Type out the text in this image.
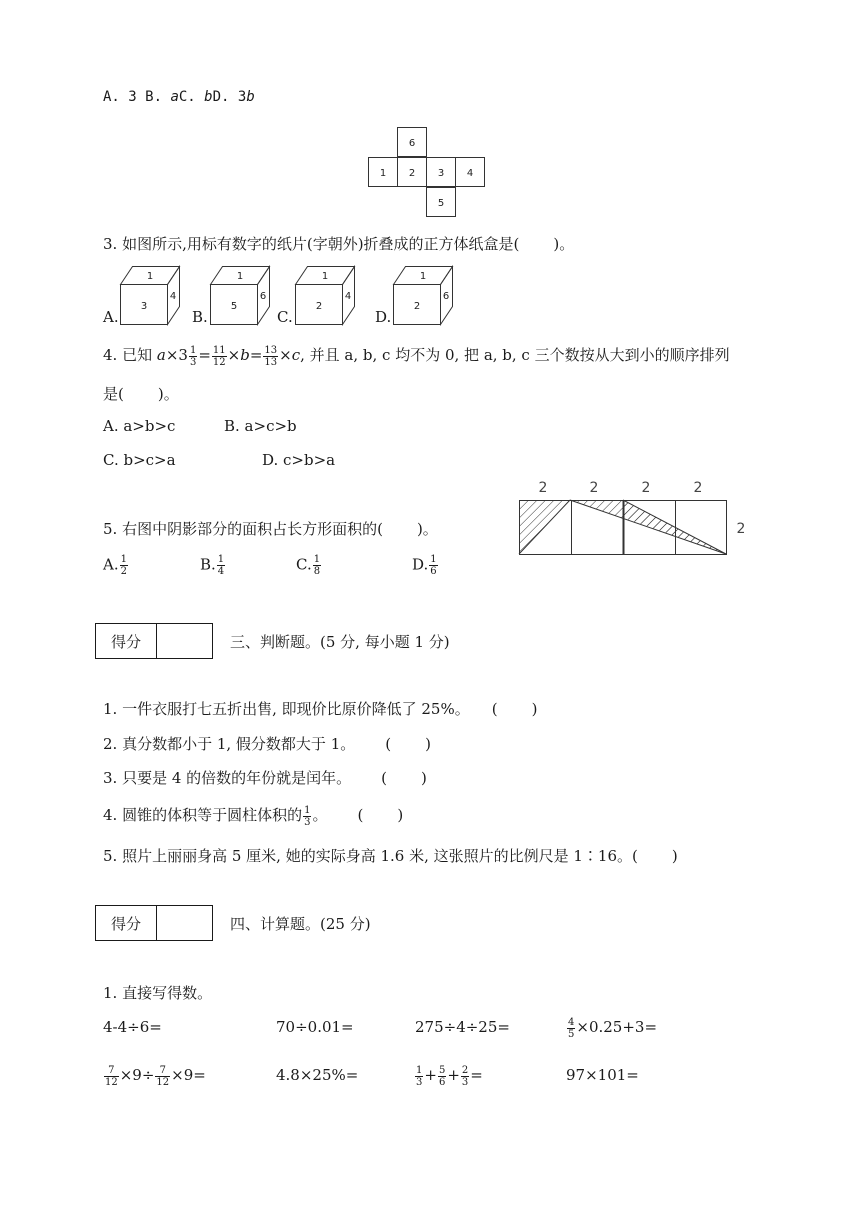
A. 3 B. aC. bD. 3b
6
1 2 3 4
5
3. 如图所示,用标有数字的纸片(字朝外)折叠成的正方体纸盒是( )。
A.	B.	C.	D.
1
3
4
1
5
6
1
2
4
1
2
6
4. 已知 $a\times 3 \frac{1}{3} = \frac{11}{12} \times b= \frac{13}{13} \times c$, 并且 a, b, c 均不为 0, 把 a, b, c 三个数按从大到小的顺序排列
是( )。
A. a>b>c	B. a>c>b
C. b>c>a	D. c>b>a
5. 右图中阴影部分的面积占长方形面积的( )。
A. $\frac{1}{2}$	B. $\frac{1}{4}$	C. $\frac{1}{8}$	D. $\frac{1}{6}$
2	2	2	2
2
得分	三、判断题。(5 分, 每小题 1 分)
1. 一件衣服打七五折出售, 即现价比原价降低了 25%。 ( )
2. 真分数都小于 1, 假分数都大于 1。 ( )
3. 只要是 4 的倍数的年份就是闰年。 ( )
4. 圆锥的体积等于圆柱体积的 $\frac{1}{3}$ 。 ( )
5. 照片上丽丽身高 5 厘米, 她的实际身高 1.6 米, 这张照片的比例尺是 1∶16。( )
得分	四、计算题。(25 分)
1. 直接写得数。
4-4÷6=	70÷0.01=	275÷4÷25=	$\frac{4}{5} \times 0.25+3=$
$\frac{7}{12} \times 9\div \frac{7}{12} \times 9=$	4.8×25%=	$\frac{1}{3} + \frac{5}{6} + \frac{2}{3}$ =	97×101=
